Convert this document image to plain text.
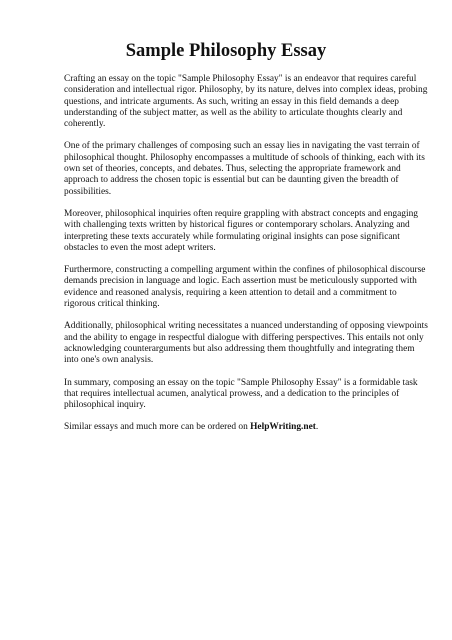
Sample Philosophy Essay

Crafting an essay on the topic "Sample Philosophy Essay" is an endeavor that requires careful consideration and intellectual rigor. Philosophy, by its nature, delves into complex ideas, probing questions, and intricate arguments. As such, writing an essay in this field demands a deep understanding of the subject matter, as well as the ability to articulate thoughts clearly and coherently.

One of the primary challenges of composing such an essay lies in navigating the vast terrain of philosophical thought. Philosophy encompasses a multitude of schools of thinking, each with its own set of theories, concepts, and debates. Thus, selecting the appropriate framework and approach to address the chosen topic is essential but can be daunting given the breadth of possibilities.

Moreover, philosophical inquiries often require grappling with abstract concepts and engaging with challenging texts written by historical figures or contemporary scholars. Analyzing and interpreting these texts accurately while formulating original insights can pose significant obstacles to even the most adept writers.

Furthermore, constructing a compelling argument within the confines of philosophical discourse demands precision in language and logic. Each assertion must be meticulously supported with evidence and reasoned analysis, requiring a keen attention to detail and a commitment to rigorous critical thinking.

Additionally, philosophical writing necessitates a nuanced understanding of opposing viewpoints and the ability to engage in respectful dialogue with differing perspectives. This entails not only acknowledging counterarguments but also addressing them thoughtfully and integrating them into one's own analysis.

In summary, composing an essay on the topic "Sample Philosophy Essay" is a formidable task that requires intellectual acumen, analytical prowess, and a dedication to the principles of philosophical inquiry.

Similar essays and much more can be ordered on HelpWriting.net.
